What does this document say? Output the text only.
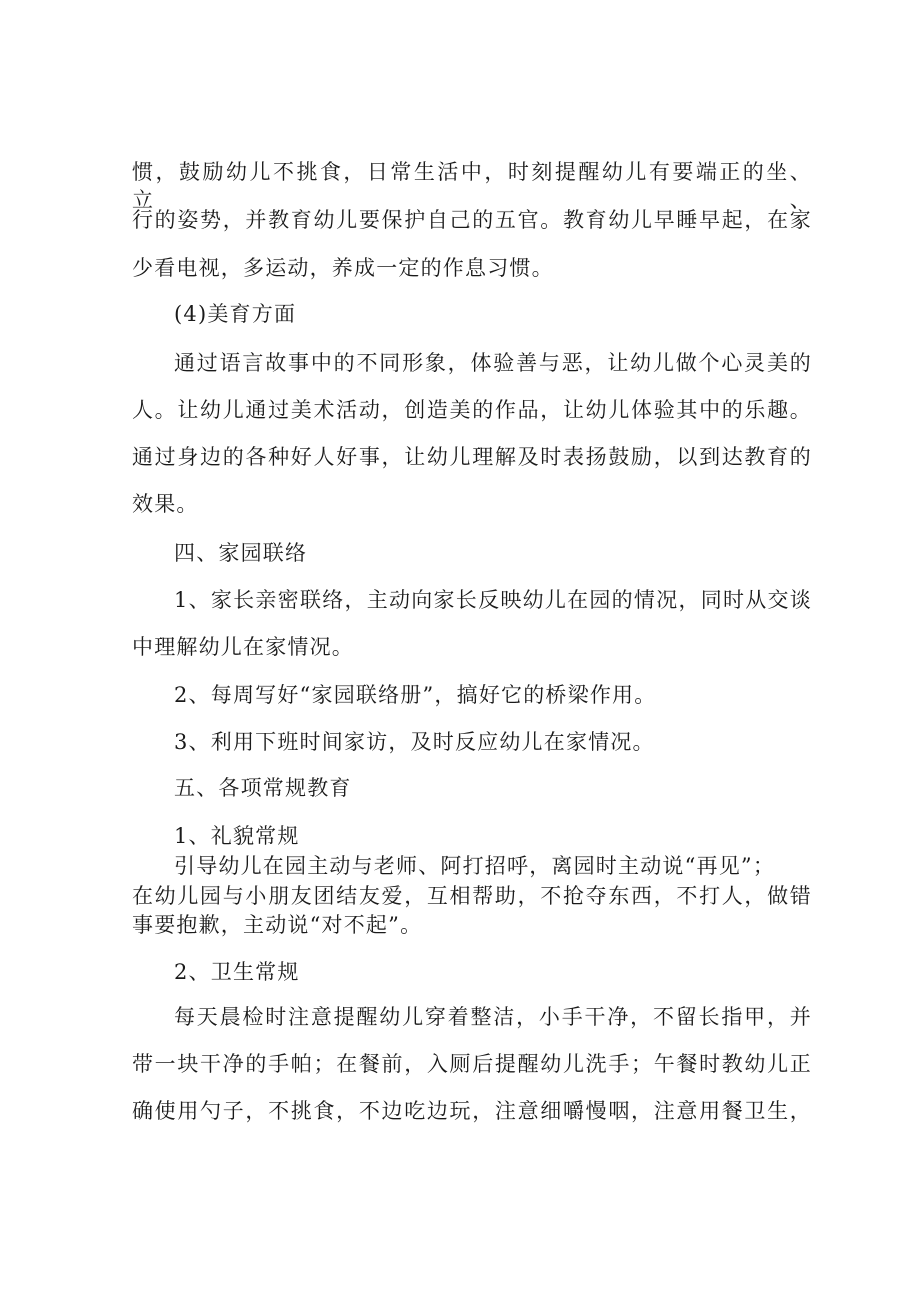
惯，鼓励幼儿不挑食，日常生活中，时刻提醒幼儿有要端正的坐、立、
行的姿势，并教育幼儿要保护自己的五官。教育幼儿早睡早起，在家
少看电视，多运动，养成一定的作息习惯。
(4)美育方面
通过语言故事中的不同形象，体验善与恶，让幼儿做个心灵美的
人。让幼儿通过美术活动，创造美的作品，让幼儿体验其中的乐趣。
通过身边的各种好人好事，让幼儿理解及时表扬鼓励，以到达教育的
效果。
四、家园联络
1、家长亲密联络，主动向家长反映幼儿在园的情况，同时从交谈
中理解幼儿在家情况。
2、每周写好“家园联络册”，搞好它的桥梁作用。
3、利用下班时间家访，及时反应幼儿在家情况。
五、各项常规教育
1、礼貌常规
引导幼儿在园主动与老师、阿打招呼，离园时主动说“再见”；
在幼儿园与小朋友团结友爱，互相帮助，不抢夺东西，不打人，做错
事要抱歉，主动说“对不起”。
2、卫生常规
每天晨检时注意提醒幼儿穿着整洁，小手干净，不留长指甲，并
带一块干净的手帕；在餐前，入厕后提醒幼儿洗手；午餐时教幼儿正
确使用勺子，不挑食，不边吃边玩，注意细嚼慢咽，注意用餐卫生，
